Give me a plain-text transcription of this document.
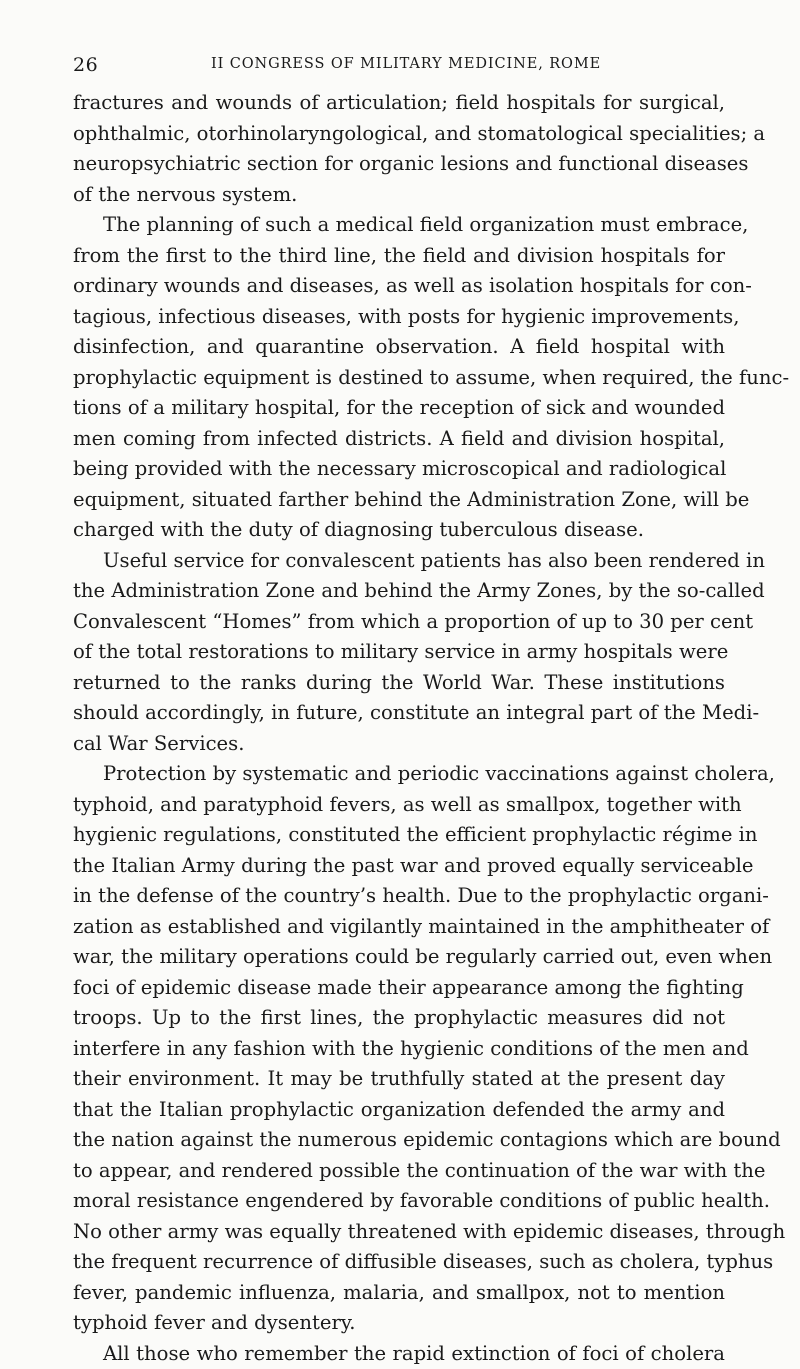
26	II CONGRESS OF MILITARY MEDICINE, ROME

fractures and wounds of articulation; field hospitals for surgical,
ophthalmic, otorhinolaryngological, and stomatological specialities; a
neuropsychiatric section for organic lesions and functional diseases
of the nervous system.

The planning of such a medical field organization must embrace,
from the first to the third line, the field and division hospitals for
ordinary wounds and diseases, as well as isolation hospitals for con-
tagious, infectious diseases, with posts for hygienic improvements,
disinfection, and quarantine observation. A field hospital with
prophylactic equipment is destined to assume, when required, the func-
tions of a military hospital, for the reception of sick and wounded
men coming from infected districts. A field and division hospital,
being provided with the necessary microscopical and radiological
equipment, situated farther behind the Administration Zone, will be
charged with the duty of diagnosing tuberculous disease.

Useful service for convalescent patients has also been rendered in
the Administration Zone and behind the Army Zones, by the so-called
Convalescent “Homes” from which a proportion of up to 30 per cent
of the total restorations to military service in army hospitals were
returned to the ranks during the World War. These institutions
should accordingly, in future, constitute an integral part of the Medi-
cal War Services.

Protection by systematic and periodic vaccinations against cholera,
typhoid, and paratyphoid fevers, as well as smallpox, together with
hygienic regulations, constituted the efficient prophylactic régime in
the Italian Army during the past war and proved equally serviceable
in the defense of the country’s health. Due to the prophylactic organi-
zation as established and vigilantly maintained in the amphitheater of
war, the military operations could be regularly carried out, even when
foci of epidemic disease made their appearance among the fighting
troops. Up to the first lines, the prophylactic measures did not
interfere in any fashion with the hygienic conditions of the men and
their environment. It may be truthfully stated at the present day
that the Italian prophylactic organization defended the army and
the nation against the numerous epidemic contagions which are bound
to appear, and rendered possible the continuation of the war with the
moral resistance engendered by favorable conditions of public health.
No other army was equally threatened with epidemic diseases, through
the frequent recurrence of diffusible diseases, such as cholera, typhus
fever, pandemic influenza, malaria, and smallpox, not to mention
typhoid fever and dysentery.

All those who remember the rapid extinction of foci of cholera
